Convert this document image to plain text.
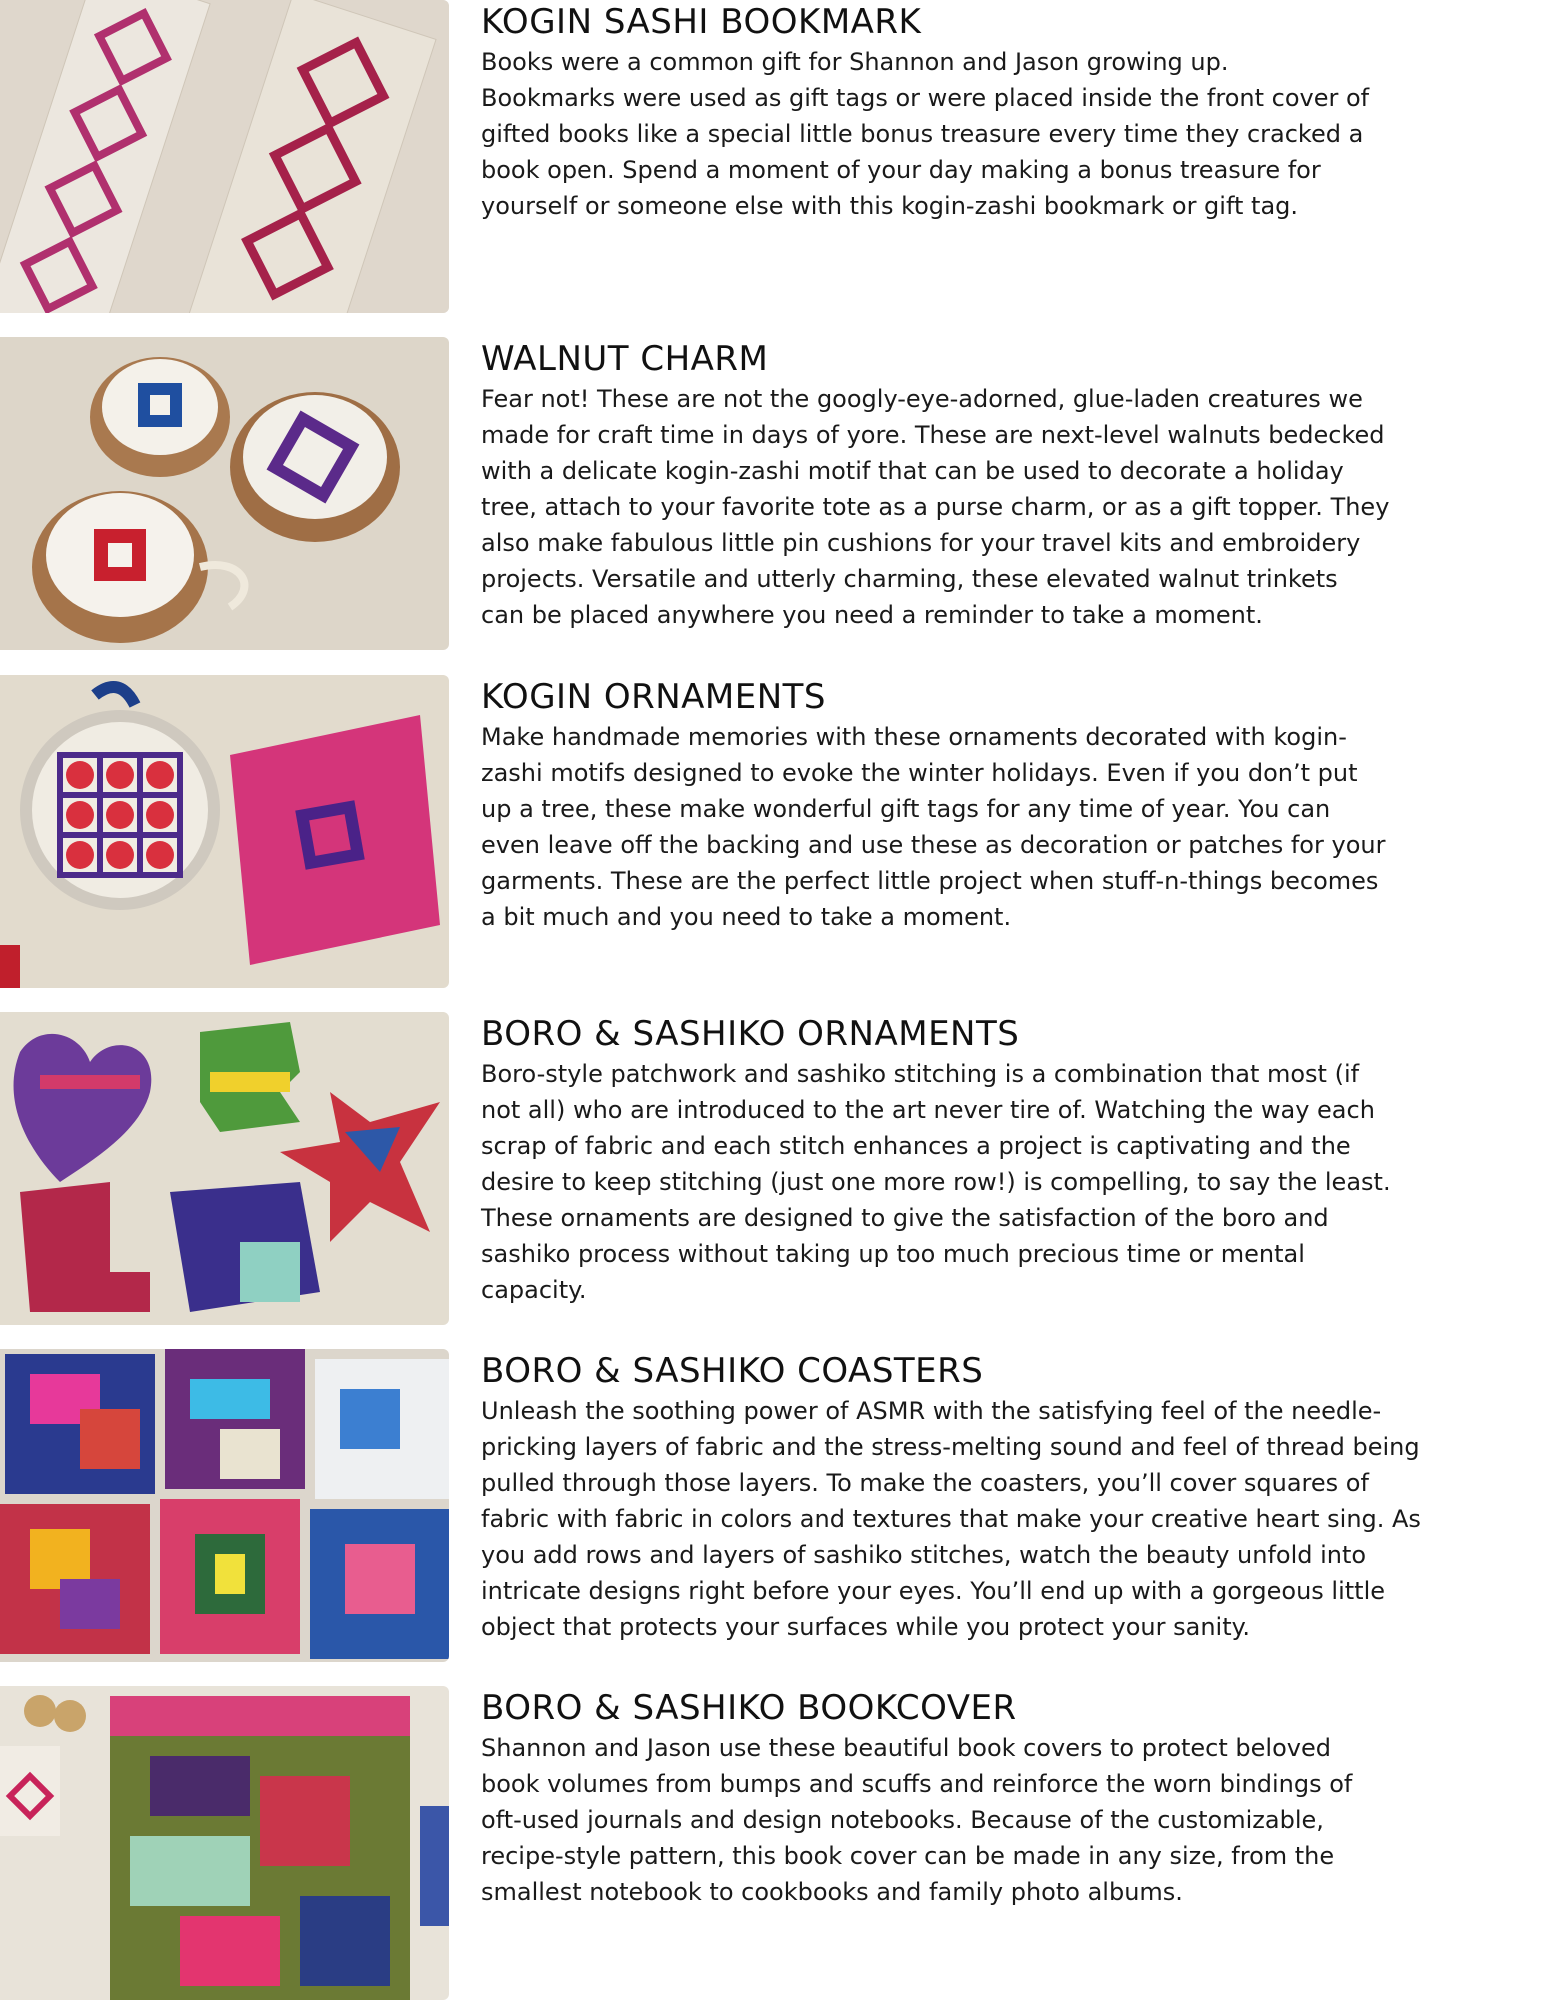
KOGIN SASHI BOOKMARK

Books were a common gift for Shannon and Jason growing up.
Bookmarks were used as gift tags or were placed inside the front cover of
gifted books like a special little bonus treasure every time they cracked a
book open. Spend a moment of your day making a bonus treasure for
yourself or someone else with this kogin-zashi bookmark or gift tag.

WALNUT CHARM

Fear not! These are not the googly-eye-adorned, glue-laden creatures we
made for craft time in days of yore. These are next-level walnuts bedecked
with a delicate kogin-zashi motif that can be used to decorate a holiday
tree, attach to your favorite tote as a purse charm, or as a gift topper. They
also make fabulous little pin cushions for your travel kits and embroidery
projects. Versatile and utterly charming, these elevated walnut trinkets
can be placed anywhere you need a reminder to take a moment.

KOGIN ORNAMENTS

Make handmade memories with these ornaments decorated with kogin-
zashi motifs designed to evoke the winter holidays. Even if you don’t put
up a tree, these make wonderful gift tags for any time of year. You can
even leave off the backing and use these as decoration or patches for your
garments. These are the perfect little project when stuff-n-things becomes
a bit much and you need to take a moment.

BORO & SASHIKO ORNAMENTS

Boro-style patchwork and sashiko stitching is a combination that most (if
not all) who are introduced to the art never tire of. Watching the way each
scrap of fabric and each stitch enhances a project is captivating and the
desire to keep stitching (just one more row!) is compelling, to say the least.
These ornaments are designed to give the satisfaction of the boro and
sashiko process without taking up too much precious time or mental
capacity.

BORO & SASHIKO COASTERS

Unleash the soothing power of ASMR with the satisfying feel of the needle-
pricking layers of fabric and the stress-melting sound and feel of thread being
pulled through those layers. To make the coasters, you’ll cover squares of
fabric with fabric in colors and textures that make your creative heart sing. As
you add rows and layers of sashiko stitches, watch the beauty unfold into
intricate designs right before your eyes. You’ll end up with a gorgeous little
object that protects your surfaces while you protect your sanity.

BORO & SASHIKO BOOKCOVER

Shannon and Jason use these beautiful book covers to protect beloved
book volumes from bumps and scuffs and reinforce the worn bindings of
oft-used journals and design notebooks. Because of the customizable,
recipe-style pattern, this book cover can be made in any size, from the
smallest notebook to cookbooks and family photo albums.
